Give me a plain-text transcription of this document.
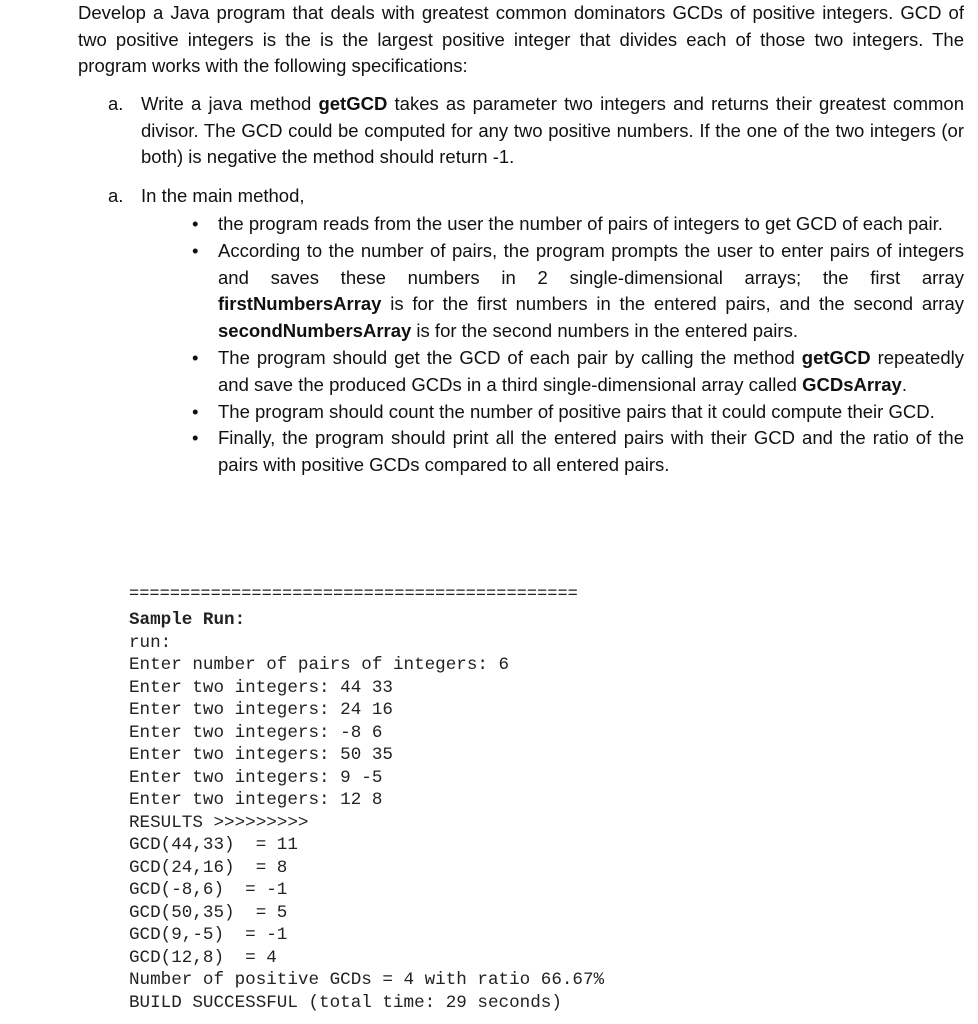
Develop a Java program that deals with greatest common dominators GCDs of positive integers. GCD of two positive integers is the is the largest positive integer that divides each of those two integers. The program works with the following specifications:

a. Write a java method getGCD takes as parameter two integers and returns their greatest common divisor. The GCD could be computed for any two positive numbers. If the one of the two integers (or both) is negative the method should return -1.
a. In the main method,
• the program reads from the user the number of pairs of integers to get GCD of each pair.
• According to the number of pairs, the program prompts the user to enter pairs of integers and saves these numbers in 2 single-dimensional arrays; the first array firstNumbersArray is for the first numbers in the entered pairs, and the second array secondNumbersArray is for the second numbers in the entered pairs.
• The program should get the GCD of each pair by calling the method getGCD repeatedly and save the produced GCDs in a third single-dimensional array called GCDsArray.
• The program should count the number of positive pairs that it could compute their GCD.
• Finally, the program should print all the entered pairs with their GCD and the ratio of the pairs with positive GCDs compared to all entered pairs.
============================================
Sample Run:
run:
Enter number of pairs of integers: 6
Enter two integers: 44 33
Enter two integers: 24 16
Enter two integers: -8 6
Enter two integers: 50 35
Enter two integers: 9 -5
Enter two integers: 12 8
RESULTS >>>>>>>>>
GCD(44,33)  = 11
GCD(24,16)  = 8
GCD(-8,6)  = -1
GCD(50,35)  = 5
GCD(9,-5)  = -1
GCD(12,8)  = 4
Number of positive GCDs = 4 with ratio 66.67%
BUILD SUCCESSFUL (total time: 29 seconds)
